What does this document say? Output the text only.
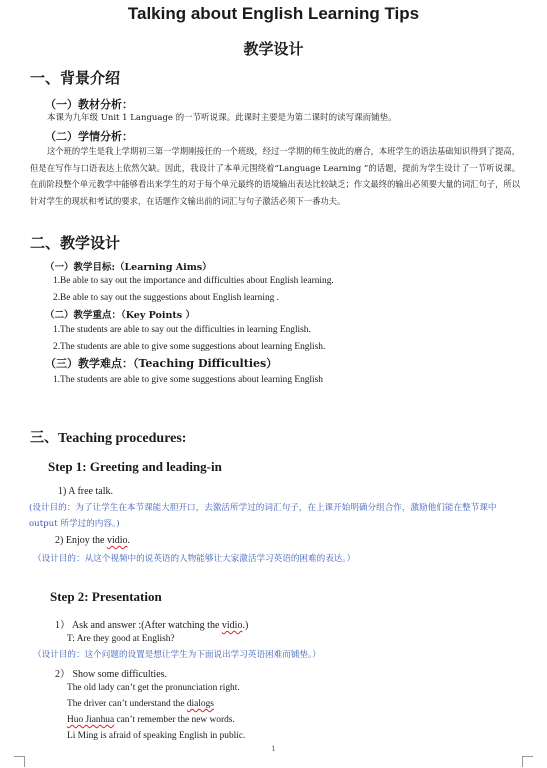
Talking about English Learning Tips
教学设计
一、背景介绍
（一）教材分析：
本课为九年级 Unit 1 Language 的一节听说课。此课时主要是为第二课时的读写课而铺垫。
（二）学情分析：
这个班的学生是我上学期初三第一学期刚接任的一个班级，经过一学期的师生彼此的磨合，本班学生的语法基础知识得到了提高，但是在写作与口语表达上依然欠缺。因此，我设计了本单元围绕着“Language Learning ”的话题，提前为学生设计了一节听说课。在前阶段整个单元教学中能够看出来学生的对于每个单元最终的语境输出表达比较缺乏；作文最终的输出必须要大量的词汇句子，所以针对学生的现状和考试的要求，在话题作文输出前的词汇与句子激活必须下一番功夫。
二、教学设计
（一）教学目标:（Learning Aims）
1.Be able to say out the importance and difficulties about English learning.
2.Be able to say out the suggestions about English learning .
（二）教学重点：（Key Points ）
1.The students are able to say out the difficulties in learning English.
2.The students are able to give some suggestions about learning English.
（三）教学难点：（Teaching Difficulties）
1.The students are able to give some suggestions about learning English
三、Teaching procedures:
Step 1: Greeting and leading-in
1) A free talk.
(设计目的：为了让学生在本节课能大胆开口，去激活所学过的词汇句子，在上课开始明确分组合作，激励他们能在整节课中 output 所学过的内容。)
2) Enjoy the vidio.
（设计目的：从这个视频中的说英语的人物能够让大家激活学习英语的困难的表达。）
Step 2: Presentation
1） Ask and answer :(After watching the vidio.)
T: Are they good at English?
（设计目的：这个问题的设置是想让学生为下面说出学习英语困难而铺垫。）
2） Show some difficulties.
The old lady can’t get the pronunciation right.
The driver can’t understand the dialogs
Huo Jianhua can’t remember the new words.
Li Ming is afraid of speaking English in public.
1
